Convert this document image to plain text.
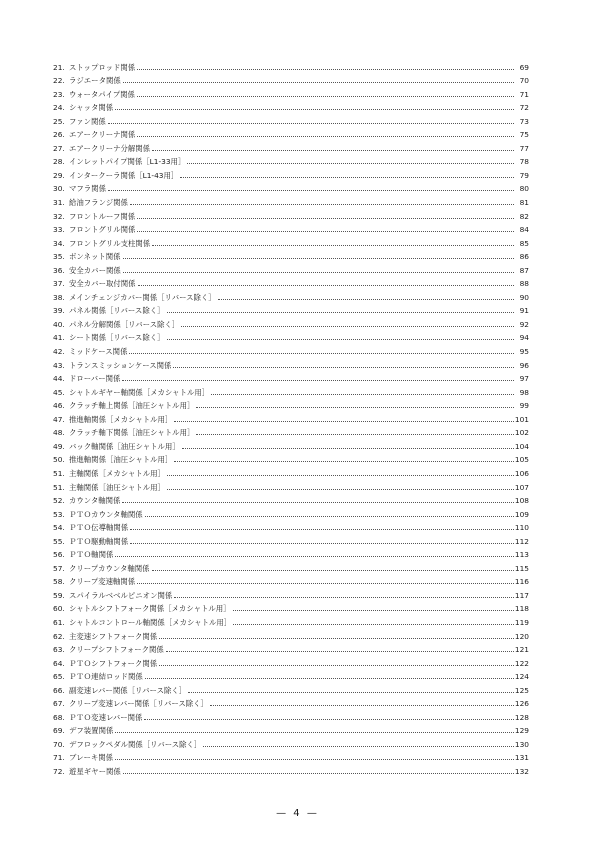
21. ストップロッド関係	69
22. ラジエータ関係	70
23. ウォータパイプ関係	71
24. シャッタ関係	72
25. ファン関係	73
26. エアークリーナ関係	75
27. エアークリーナ分解関係	77
28. インレットパイプ関係［L1-33用］	78
29. インタークーラ関係［L1-43用］	79
30. マフラ関係	80
31. 給油フランジ関係	81
32. フロントルーフ関係	82
33. フロントグリル関係	84
34. フロントグリル支柱関係	85
35. ボンネット関係	86
36. 安全カバー関係	87
37. 安全カバー取付関係	88
38. メインチェンジカバー関係［リバース除く］	90
39. パネル関係［リバース除く］	91
40. パネル分解関係［リバース除く］	92
41. シート関係［リバース除く］	94
42. ミッドケース関係	95
43. トランスミッションケース関係	96
44. ドローバー関係	97
45. シャトルギヤー軸関係［メカシャトル用］	98
46. クラッチ軸上関係［油圧シャトル用］	99
47. 推進軸関係［メカシャトル用］	101
48. クラッチ軸下関係［油圧シャトル用］	102
49. バック軸関係［油圧シャトル用］	104
50. 推進軸関係［油圧シャトル用］	105
51. 主軸関係［メカシャトル用］	106
51. 主軸関係［油圧シャトル用］	107
52. カウンタ軸関係	108
53. ＰＴＯカウンタ軸関係	109
54. ＰＴＯ伝導軸関係	110
55. ＰＴＯ駆動軸関係	112
56. ＰＴＯ軸関係	113
57. クリープカウンタ軸関係	115
58. クリープ変速軸関係	116
59. スパイラルベベルピニオン関係	117
60. シャトルシフトフォーク関係［メカシャトル用］	118
61. シャトルコントロール軸関係［メカシャトル用］	119
62. 主変速シフトフォーク関係	120
63. クリープシフトフォーク関係	121
64. ＰＴＯシフトフォーク関係	122
65. ＰＴＯ連結ロッド関係	124
66. 副変速レバー関係［リバース除く］	125
67. クリープ変速レバー関係［リバース除く］	126
68. ＰＴＯ変速レバー関係	128
69. デフ装置関係	129
70. デフロックペダル関係［リバース除く］	130
71. ブレーキ関係	131
72. 遊星ギヤー関係	132
— 4 —
